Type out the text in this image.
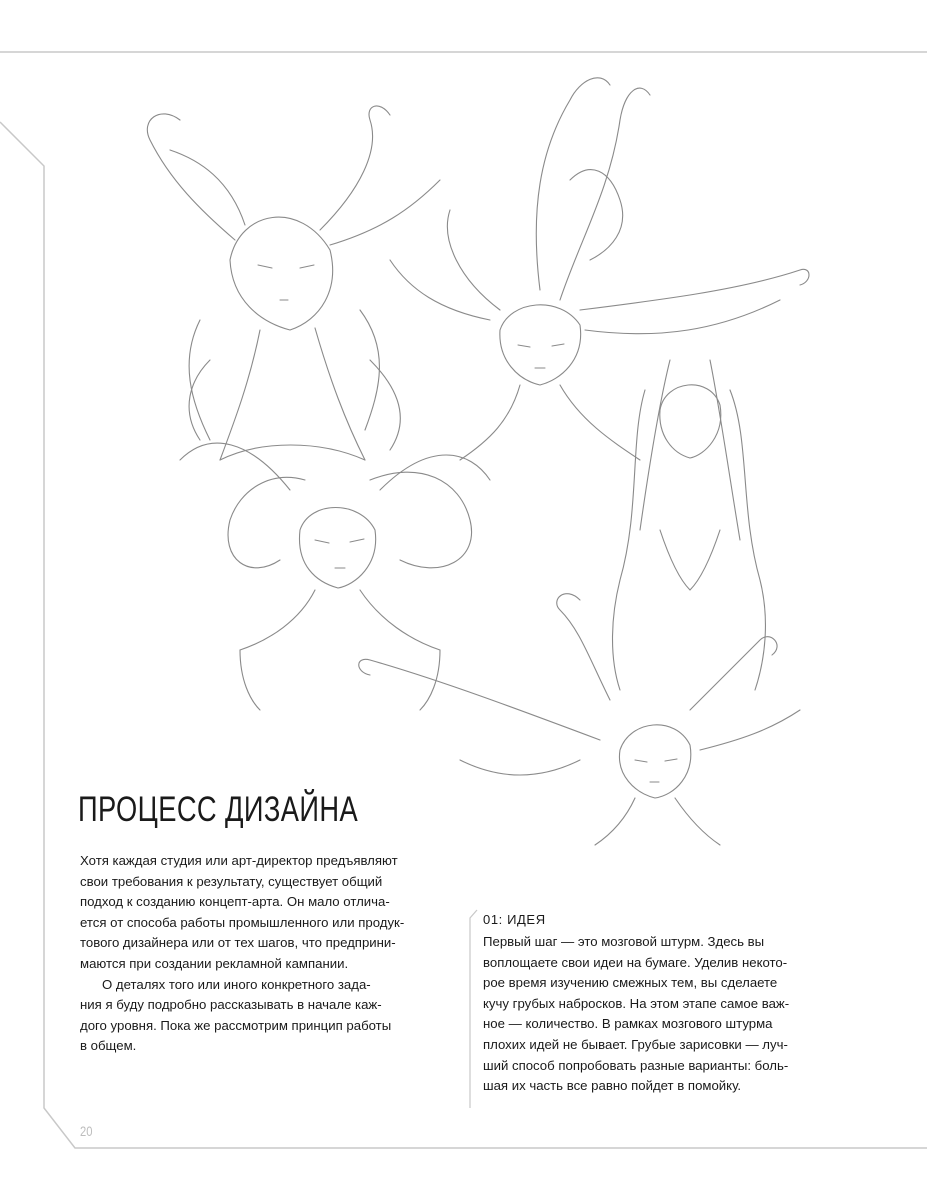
ПРОЦЕСС ДИЗАЙНА
Хотя каждая студия или арт-директор предъявляют
свои требования к результату, существует общий
подход к созданию концепт-арта. Он мало отлича-
ется от способа работы промышленного или продук-
тового дизайнера или от тех шагов, что предприни-
маются при создании рекламной кампании.
О деталях того или иного конкретного зада-
ния я буду подробно рассказывать в начале каж-
дого уровня. Пока же рассмотрим принцип работы
в общем.
01: ИДЕЯ
Первый шаг — это мозговой штурм. Здесь вы
воплощаете свои идеи на бумаге. Уделив некото-
рое время изучению смежных тем, вы сделаете
кучу грубых набросков. На этом этапе самое важ-
ное — количество. В рамках мозгового штурма
плохих идей не бывает. Грубые зарисовки — луч-
ший способ попробовать разные варианты: боль-
шая их часть все равно пойдет в помойку.
20
